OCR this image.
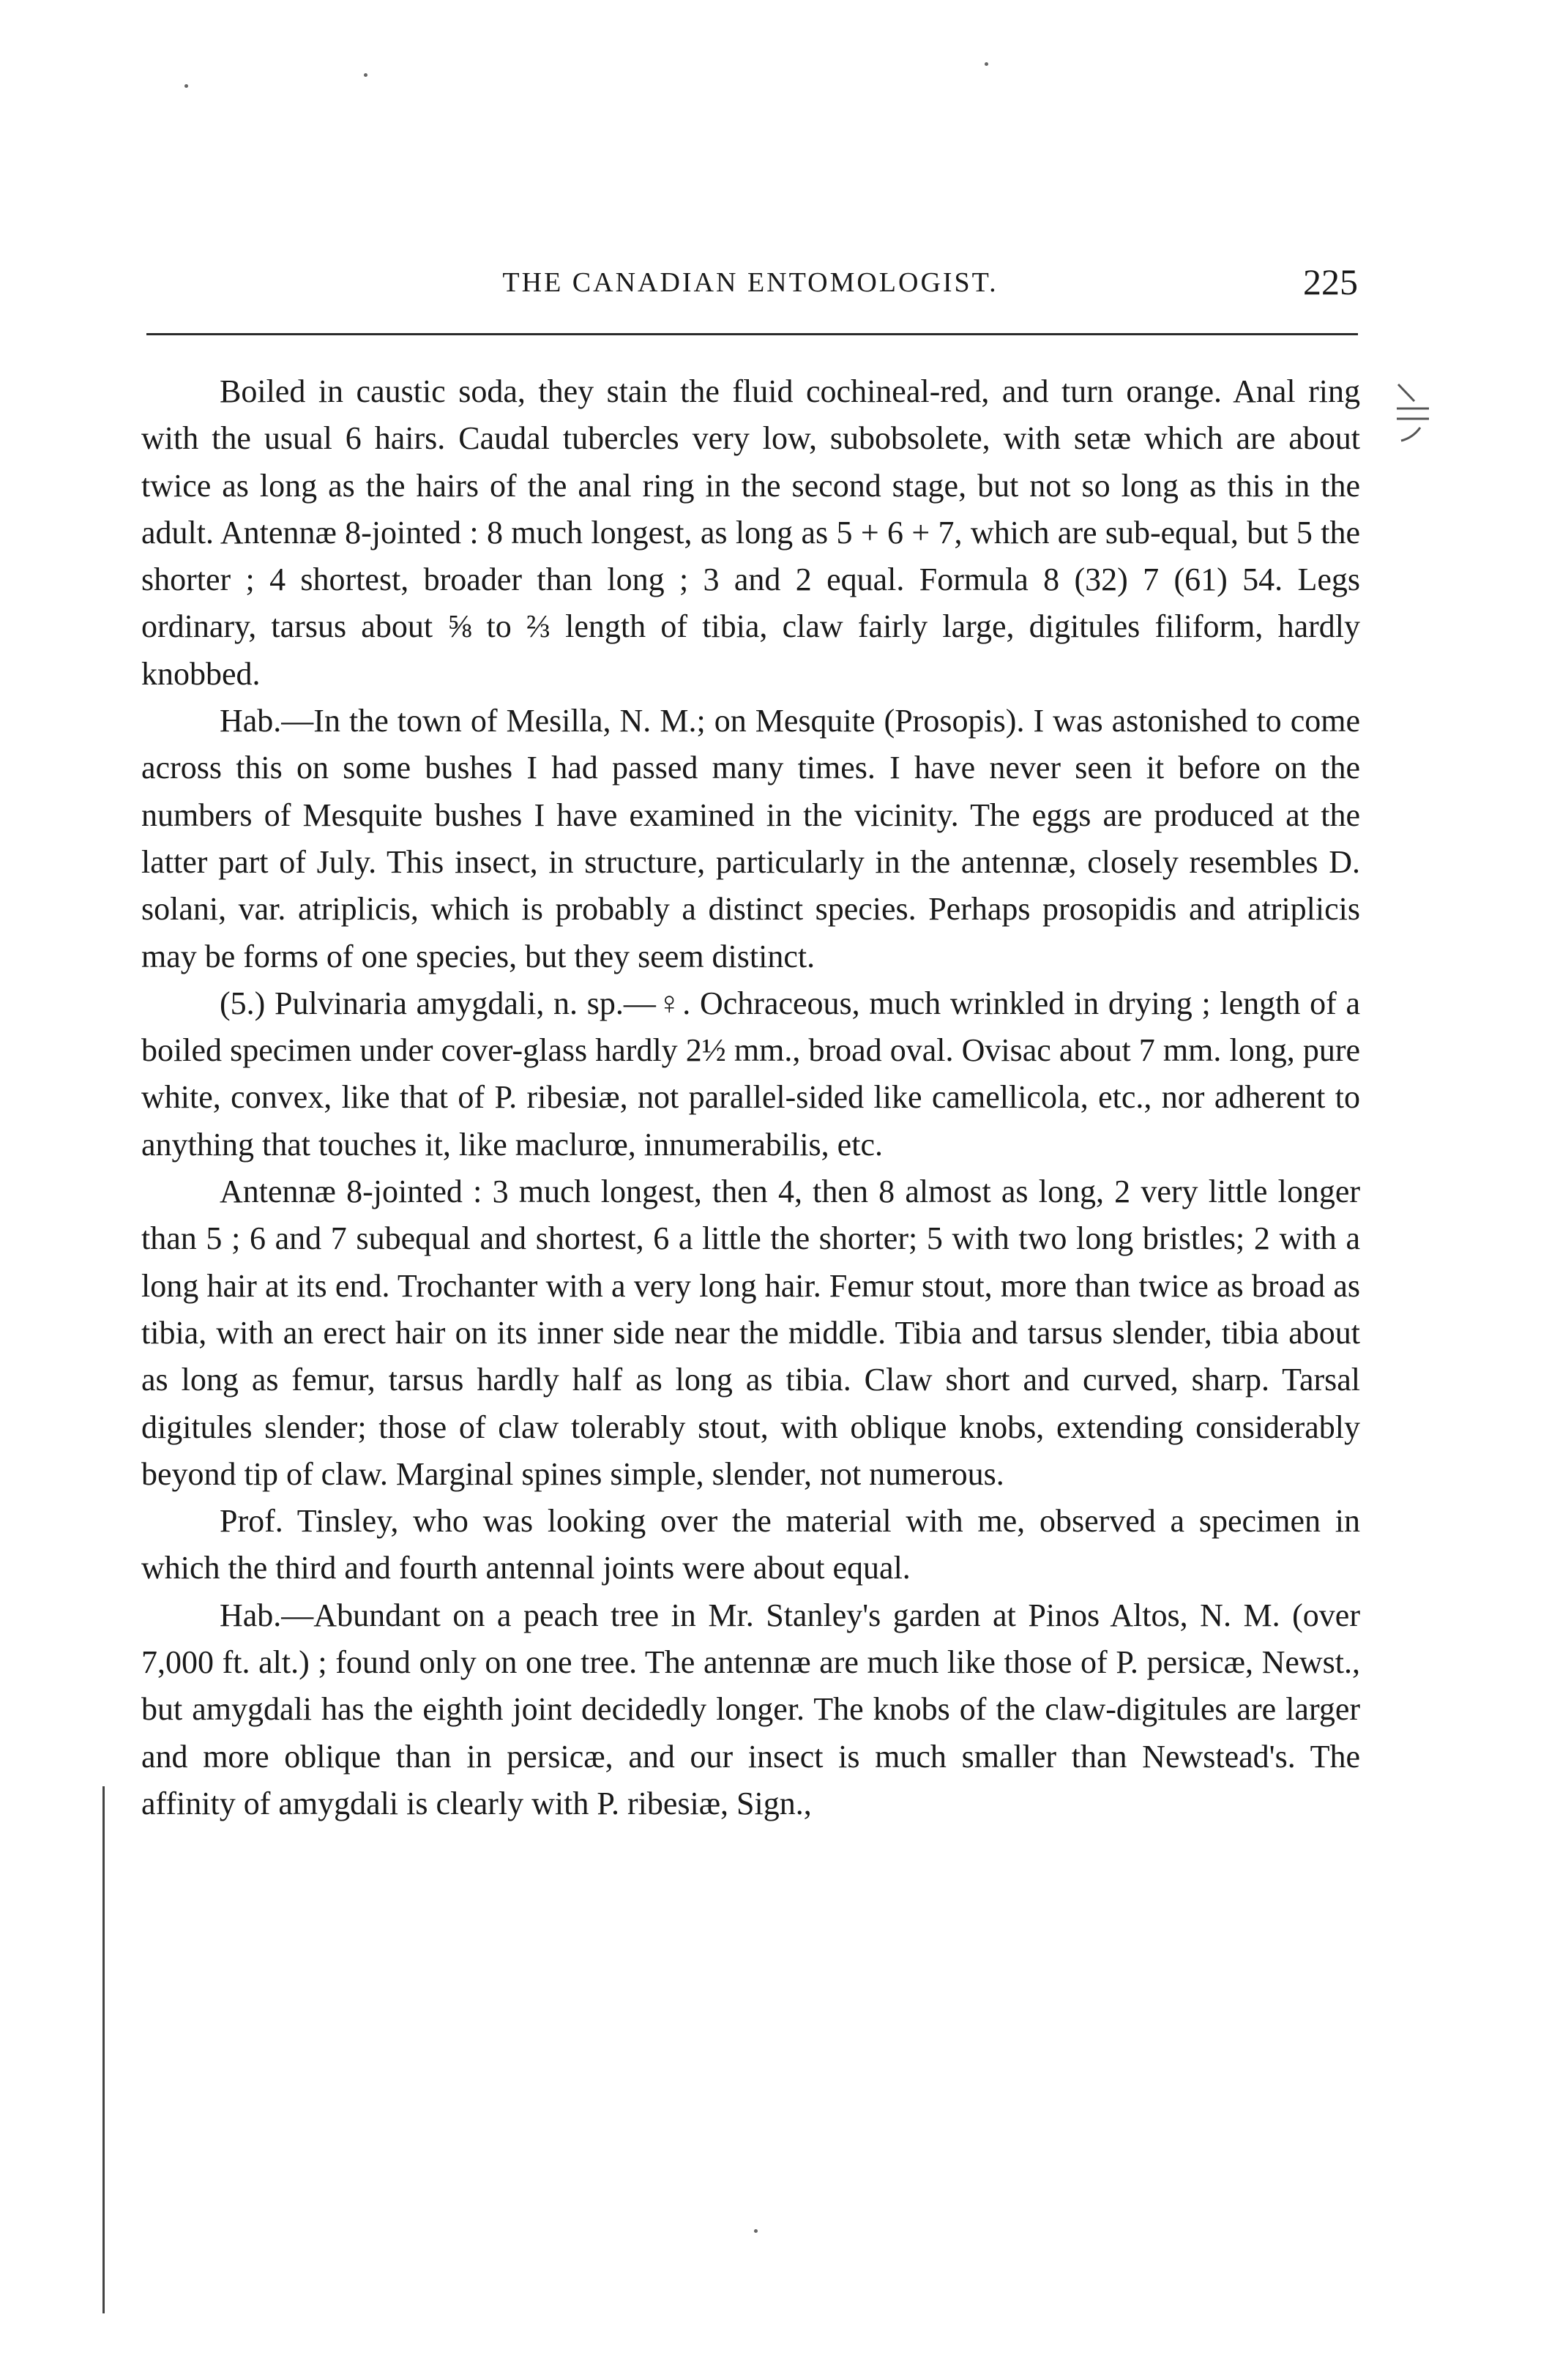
THE CANADIAN ENTOMOLOGIST.	225

Boiled in caustic soda, they stain the fluid cochineal-red, and turn orange. Anal ring with the usual 6 hairs. Caudal tubercles very low, subobsolete, with setæ which are about twice as long as the hairs of the anal ring in the second stage, but not so long as this in the adult. Antennæ 8-jointed : 8 much longest, as long as 5 + 6 + 7, which are sub-equal, but 5 the shorter ; 4 shortest, broader than long ; 3 and 2 equal. Formula 8 (32) 7 (61) 54. Legs ordinary, tarsus about ⅝ to ⅔ length of tibia, claw fairly large, digitules filiform, hardly knobbed.

Hab.—In the town of Mesilla, N. M.; on Mesquite (Prosopis). I was astonished to come across this on some bushes I had passed many times. I have never seen it before on the numbers of Mesquite bushes I have examined in the vicinity. The eggs are produced at the latter part of July. This insect, in structure, particularly in the antennæ, closely resembles D. solani, var. atriplicis, which is probably a distinct species. Perhaps prosopidis and atriplicis may be forms of one species, but they seem distinct.

(5.) Pulvinaria amygdali, n. sp.—♀. Ochraceous, much wrinkled in drying ; length of a boiled specimen under cover-glass hardly 2½ mm., broad oval. Ovisac about 7 mm. long, pure white, convex, like that of P. ribesiæ, not parallel-sided like camellicola, etc., nor adherent to anything that touches it, like maclurœ, innumerabilis, etc.

Antennæ 8-jointed : 3 much longest, then 4, then 8 almost as long, 2 very little longer than 5 ; 6 and 7 subequal and shortest, 6 a little the shorter; 5 with two long bristles; 2 with a long hair at its end. Trochanter with a very long hair. Femur stout, more than twice as broad as tibia, with an erect hair on its inner side near the middle. Tibia and tarsus slender, tibia about as long as femur, tarsus hardly half as long as tibia. Claw short and curved, sharp. Tarsal digitules slender; those of claw tolerably stout, with oblique knobs, extending considerably beyond tip of claw. Marginal spines simple, slender, not numerous.

Prof. Tinsley, who was looking over the material with me, observed a specimen in which the third and fourth antennal joints were about equal.

Hab.—Abundant on a peach tree in Mr. Stanley's garden at Pinos Altos, N. M. (over 7,000 ft. alt.) ; found only on one tree. The antennæ are much like those of P. persicæ, Newst., but amygdali has the eighth joint decidedly longer. The knobs of the claw-digitules are larger and more oblique than in persicæ, and our insect is much smaller than Newstead's. The affinity of amygdali is clearly with P. ribesiæ, Sign.,
